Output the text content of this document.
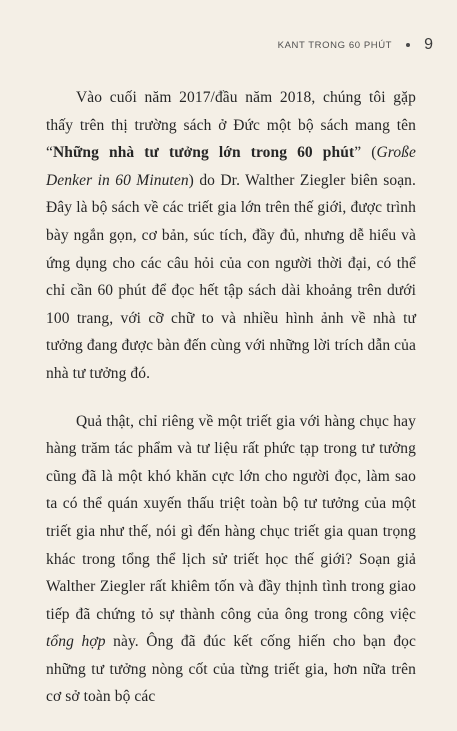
KANT TRONG 60 PHÚT 9

Vào cuối năm 2017/đầu năm 2018, chúng tôi gặp thấy trên thị trường sách ở Đức một bộ sách mang tên “Những nhà tư tưởng lớn trong 60 phút” (Große Denker in 60 Minuten) do Dr. Walther Ziegler biên soạn. Đây là bộ sách về các triết gia lớn trên thế giới, được trình bày ngắn gọn, cơ bản, súc tích, đầy đủ, nhưng dễ hiểu và ứng dụng cho các câu hỏi của con người thời đại, có thể chỉ cần 60 phút để đọc hết tập sách dài khoảng trên dưới 100 trang, với cỡ chữ to và nhiều hình ảnh về nhà tư tưởng đang được bàn đến cùng với những lời trích dẫn của nhà tư tưởng đó.

Quả thật, chỉ riêng về một triết gia với hàng chục hay hàng trăm tác phẩm và tư liệu rất phức tạp trong tư tưởng cũng đã là một khó khăn cực lớn cho người đọc, làm sao ta có thể quán xuyến thấu triệt toàn bộ tư tưởng của một triết gia như thế, nói gì đến hàng chục triết gia quan trọng khác trong tổng thể lịch sử triết học thế giới? Soạn giả Walther Ziegler rất khiêm tốn và đầy thịnh tình trong giao tiếp đã chứng tỏ sự thành công của ông trong công việc tổng hợp này. Ông đã đúc kết cống hiến cho bạn đọc những tư tưởng nòng cốt của từng triết gia, hơn nữa trên cơ sở toàn bộ các
